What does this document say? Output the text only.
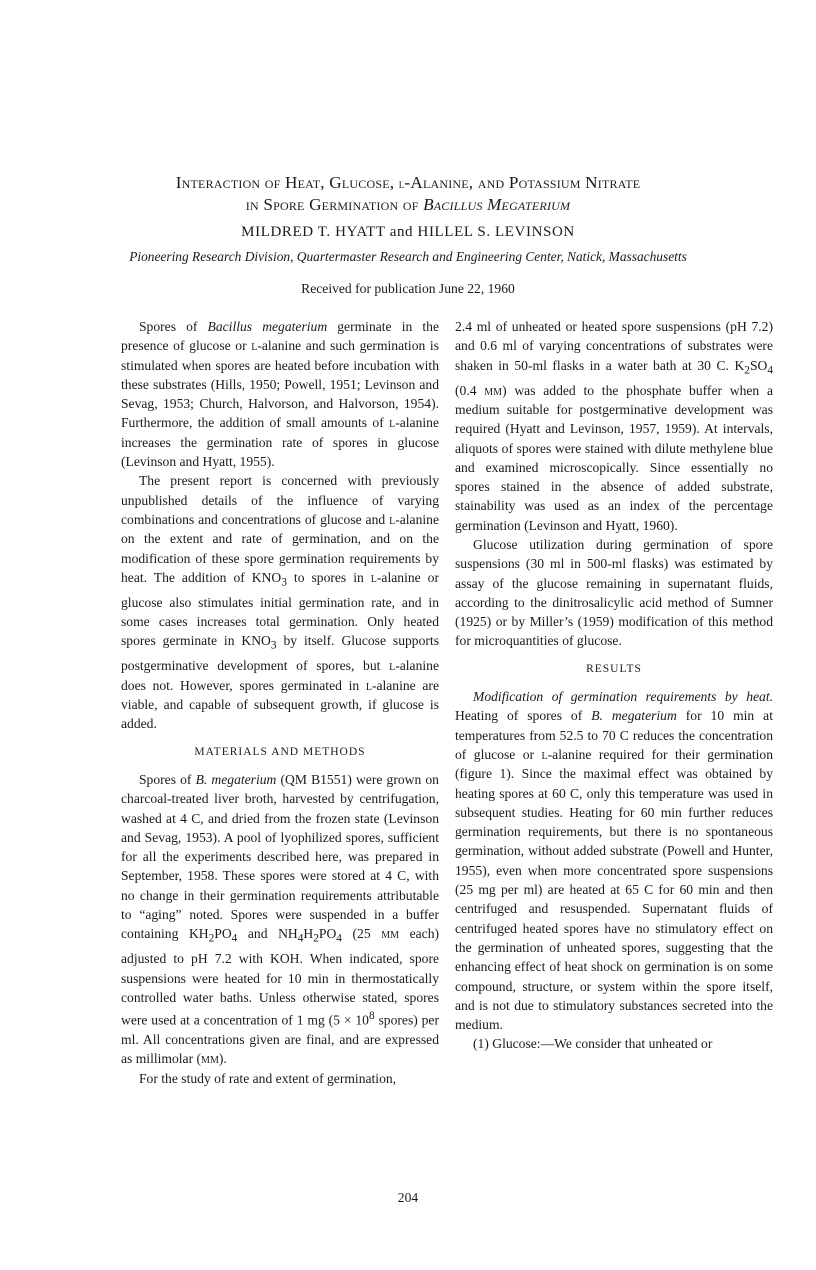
Interaction of Heat, Glucose, l-Alanine, and Potassium Nitrate
in Spore Germination of Bacillus Megaterium
MILDRED T. HYATT and HILLEL S. LEVINSON
Pioneering Research Division, Quartermaster Research and Engineering Center, Natick, Massachusetts
Received for publication June 22, 1960

Spores of Bacillus megaterium germinate in the presence of glucose or l-alanine and such germination is stimulated when spores are heated before incubation with these substrates (Hills, 1950; Powell, 1951; Levinson and Sevag, 1953; Church, Halvorson, and Halvorson, 1954). Furthermore, the addition of small amounts of l-alanine increases the germination rate of spores in glucose (Levinson and Hyatt, 1955).

The present report is concerned with previously unpublished details of the influence of varying combinations and concentrations of glucose and l-alanine on the extent and rate of germination, and on the modification of these spore germination requirements by heat. The addition of $KNO_3$ to spores in l-alanine or glucose also stimulates initial germination rate, and in some cases increases total germination. Only heated spores germinate in $KNO_3$ by itself. Glucose supports postgerminative development of spores, but l-alanine does not. However, spores germinated in l-alanine are viable, and capable of subsequent growth, if glucose is added.

MATERIALS AND METHODS

Spores of B. megaterium (QM B1551) were grown on charcoal-treated liver broth, harvested by centrifugation, washed at 4 C, and dried from the frozen state (Levinson and Sevag, 1953). A pool of lyophilized spores, sufficient for all the experiments described here, was prepared in September, 1958. These spores were stored at 4 C, with no change in their germination requirements attributable to “aging” noted. Spores were suspended in a buffer containing $KH_2PO_4$ and $NH_4H_2PO_4$ (25 mm each) adjusted to pH 7.2 with KOH. When indicated, spore suspensions were heated for 10 min in thermostatically controlled water baths. Unless otherwise stated, spores were used at a concentration of 1 mg ($5 \times 10^8$ spores) per ml. All concentrations given are final, and are expressed as millimolar (mm).

For the study of rate and extent of germination,

2.4 ml of unheated or heated spore suspensions (pH 7.2) and 0.6 ml of varying concentrations of substrates were shaken in 50-ml flasks in a water bath at 30 C. $K_2SO_4$ (0.4 mm) was added to the phosphate buffer when a medium suitable for postgerminative development was required (Hyatt and Levinson, 1957, 1959). At intervals, aliquots of spores were stained with dilute methylene blue and examined microscopically. Since essentially no spores stained in the absence of added substrate, stainability was used as an index of the percentage germination (Levinson and Hyatt, 1960).

Glucose utilization during germination of spore suspensions (30 ml in 500-ml flasks) was estimated by assay of the glucose remaining in supernatant fluids, according to the dinitrosalicylic acid method of Sumner (1925) or by Miller’s (1959) modification of this method for microquantities of glucose.

RESULTS

Modification of germination requirements by heat. Heating of spores of B. megaterium for 10 min at temperatures from 52.5 to 70 C reduces the concentration of glucose or l-alanine required for their germination (figure 1). Since the maximal effect was obtained by heating spores at 60 C, only this temperature was used in subsequent studies. Heating for 60 min further reduces germination requirements, but there is no spontaneous germination, without added substrate (Powell and Hunter, 1955), even when more concentrated spore suspensions (25 mg per ml) are heated at 65 C for 60 min and then centrifuged and resuspended. Supernatant fluids of centrifuged heated spores have no stimulatory effect on the germination of unheated spores, suggesting that the enhancing effect of heat shock on germination is on some compound, structure, or system within the spore itself, and is not due to stimulatory substances secreted into the medium.

(1) Glucose:—We consider that unheated or

204
